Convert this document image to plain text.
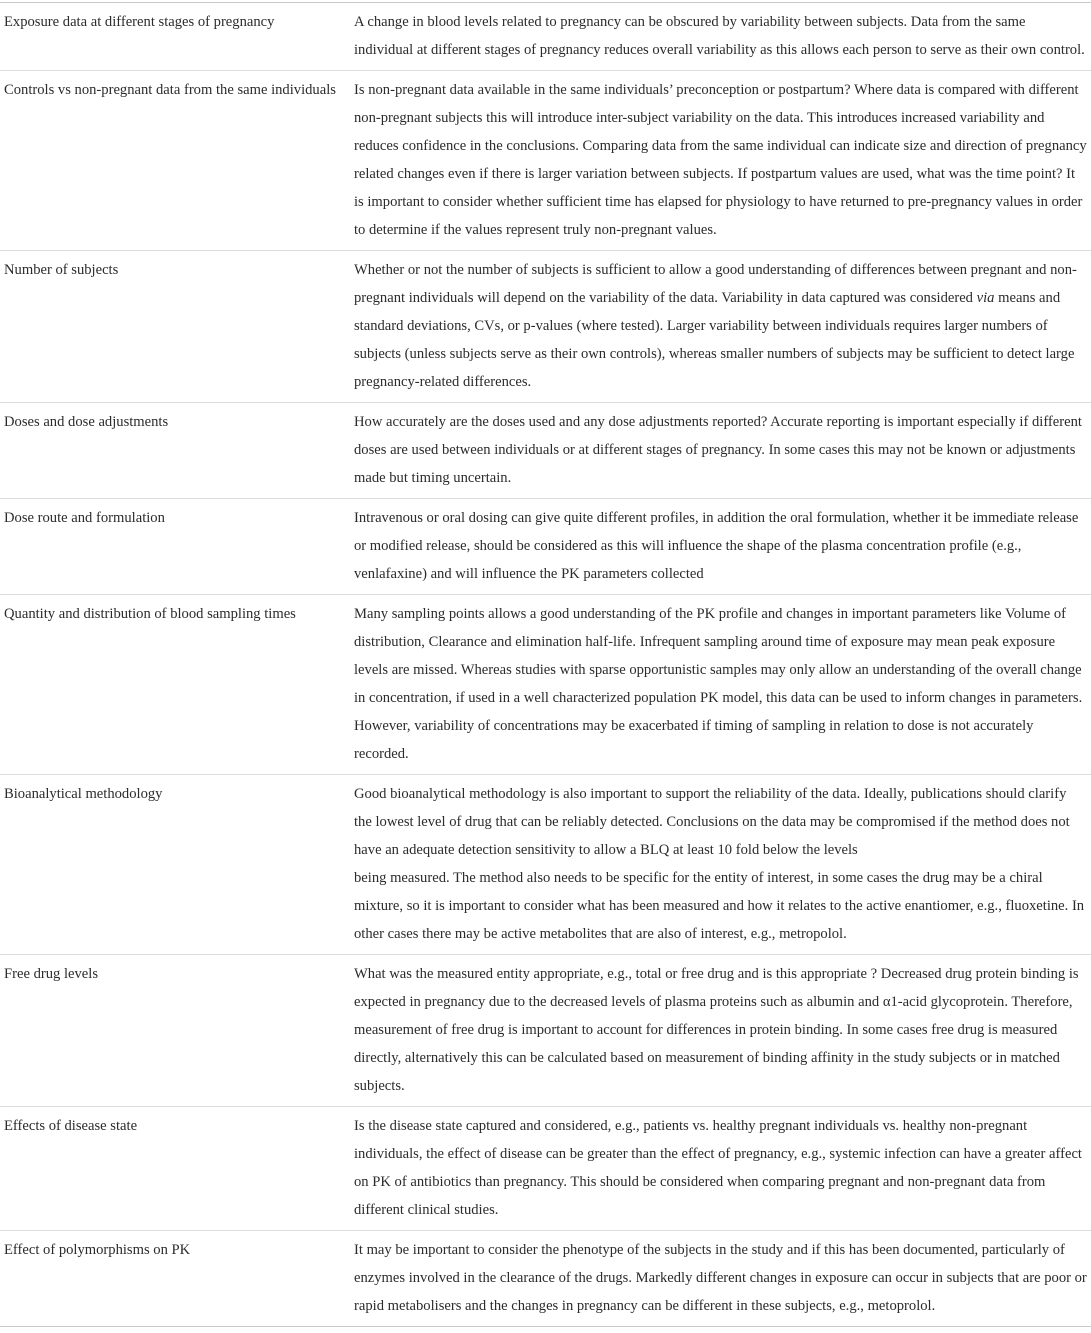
Exposure data at different stages of pregnancy	A change in blood levels related to pregnancy can be obscured by variability between subjects. Data from the same individual at different stages of pregnancy reduces overall variability as this allows each person to serve as their own control.
Controls vs non-pregnant data from the same individuals	Is non-pregnant data available in the same individuals’ preconception or postpartum? Where data is compared with different non-pregnant subjects this will introduce inter-subject variability on the data. This introduces increased variability and reduces confidence in the conclusions. Comparing data from the same individual can indicate size and direction of pregnancy related changes even if there is larger variation between subjects. If postpartum values are used, what was the time point? It is important to consider whether sufficient time has elapsed for physiology to have returned to pre-pregnancy values in order to determine if the values represent truly non-pregnant values.
Number of subjects	Whether or not the number of subjects is sufficient to allow a good understanding of differences between pregnant and non-pregnant individuals will depend on the variability of the data. Variability in data captured was considered via means and standard deviations, CVs, or p-values (where tested). Larger variability between individuals requires larger numbers of subjects (unless subjects serve as their own controls), whereas smaller numbers of subjects may be sufficient to detect large pregnancy-related differences.
Doses and dose adjustments	How accurately are the doses used and any dose adjustments reported? Accurate reporting is important especially if different doses are used between individuals or at different stages of pregnancy. In some cases this may not be known or adjustments made but timing uncertain.
Dose route and formulation	Intravenous or oral dosing can give quite different profiles, in addition the oral formulation, whether it be immediate release or modified release, should be considered as this will influence the shape of the plasma concentration profile (e.g., venlafaxine) and will influence the PK parameters collected
Quantity and distribution of blood sampling times	Many sampling points allows a good understanding of the PK profile and changes in important parameters like Volume of distribution, Clearance and elimination half-life. Infrequent sampling around time of exposure may mean peak exposure levels are missed. Whereas studies with sparse opportunistic samples may only allow an understanding of the overall change in concentration, if used in a well characterized population PK model, this data can be used to inform changes in parameters. However, variability of concentrations may be exacerbated if timing of sampling in relation to dose is not accurately recorded.
Bioanalytical methodology	Good bioanalytical methodology is also important to support the reliability of the data. Ideally, publications should clarify the lowest level of drug that can be reliably detected. Conclusions on the data may be compromised if the method does not have an adequate detection sensitivity to allow a BLQ at least 10 fold below the levels
being measured. The method also needs to be specific for the entity of interest, in some cases the drug may be a chiral mixture, so it is important to consider what has been measured and how it relates to the active enantiomer, e.g., fluoxetine. In other cases there may be active metabolites that are also of interest, e.g., metropolol.
Free drug levels	What was the measured entity appropriate, e.g., total or free drug and is this appropriate ? Decreased drug protein binding is expected in pregnancy due to the decreased levels of plasma proteins such as albumin and α1-acid glycoprotein. Therefore, measurement of free drug is important to account for differences in protein binding. In some cases free drug is measured directly, alternatively this can be calculated based on measurement of binding affinity in the study subjects or in matched subjects.
Effects of disease state	Is the disease state captured and considered, e.g., patients vs. healthy pregnant individuals vs. healthy non-pregnant individuals, the effect of disease can be greater than the effect of pregnancy, e.g., systemic infection can have a greater affect on PK of antibiotics than pregnancy. This should be considered when comparing pregnant and non-pregnant data from different clinical studies.
Effect of polymorphisms on PK	It may be important to consider the phenotype of the subjects in the study and if this has been documented, particularly of enzymes involved in the clearance of the drugs. Markedly different changes in exposure can occur in subjects that are poor or rapid metabolisers and the changes in pregnancy can be different in these subjects, e.g., metoprolol.
